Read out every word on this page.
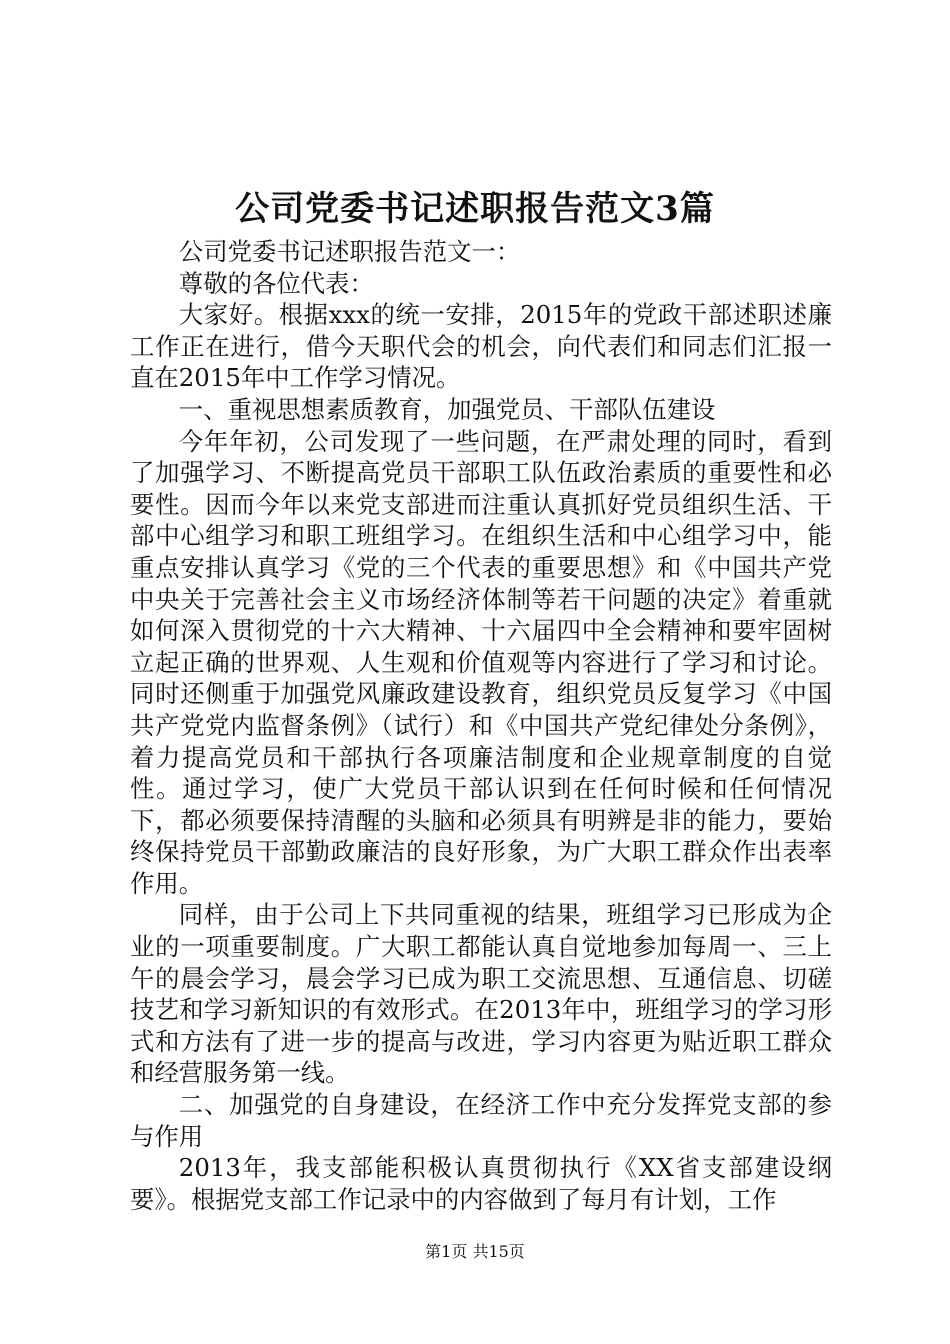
公司党委书记述职报告范文3篇

公司党委书记述职报告范文一：

尊敬的各位代表：

大家好。根据xxx的统一安排，2015年的党政干部述职述廉工作正在进行，借今天职代会的机会，向代表们和同志们汇报一直在2015年中工作学习情况。

一、重视思想素质教育，加强党员、干部队伍建设

今年年初，公司发现了一些问题，在严肃处理的同时，看到了加强学习、不断提高党员干部职工队伍政治素质的重要性和必要性。因而今年以来党支部进而注重认真抓好党员组织生活、干部中心组学习和职工班组学习。在组织生活和中心组学习中，能重点安排认真学习《党的三个代表的重要思想》和《中国共产党中央关于完善社会主义市场经济体制等若干问题的决定》着重就如何深入贯彻党的十六大精神、十六届四中全会精神和要牢固树立起正确的世界观、人生观和价值观等内容进行了学习和讨论。同时还侧重于加强党风廉政建设教育，组织党员反复学习《中国共产党党内监督条例》（试行）和《中国共产党纪律处分条例》，着力提高党员和干部执行各项廉洁制度和企业规章制度的自觉性。通过学习，使广大党员干部认识到在任何时候和任何情况下，都必须要保持清醒的头脑和必须具有明辨是非的能力，要始终保持党员干部勤政廉洁的良好形象，为广大职工群众作出表率作用。

同样，由于公司上下共同重视的结果，班组学习已形成为企业的一项重要制度。广大职工都能认真自觉地参加每周一、三上午的晨会学习，晨会学习已成为职工交流思想、互通信息、切磋技艺和学习新知识的有效形式。在2013年中，班组学习的学习形式和方法有了进一步的提高与改进，学习内容更为贴近职工群众和经营服务第一线。

二、加强党的自身建设，在经济工作中充分发挥党支部的参与作用

2013年，我支部能积极认真贯彻执行《XX省支部建设纲要》。根据党支部工作记录中的内容做到了每月有计划，工作

第1页 共15页
